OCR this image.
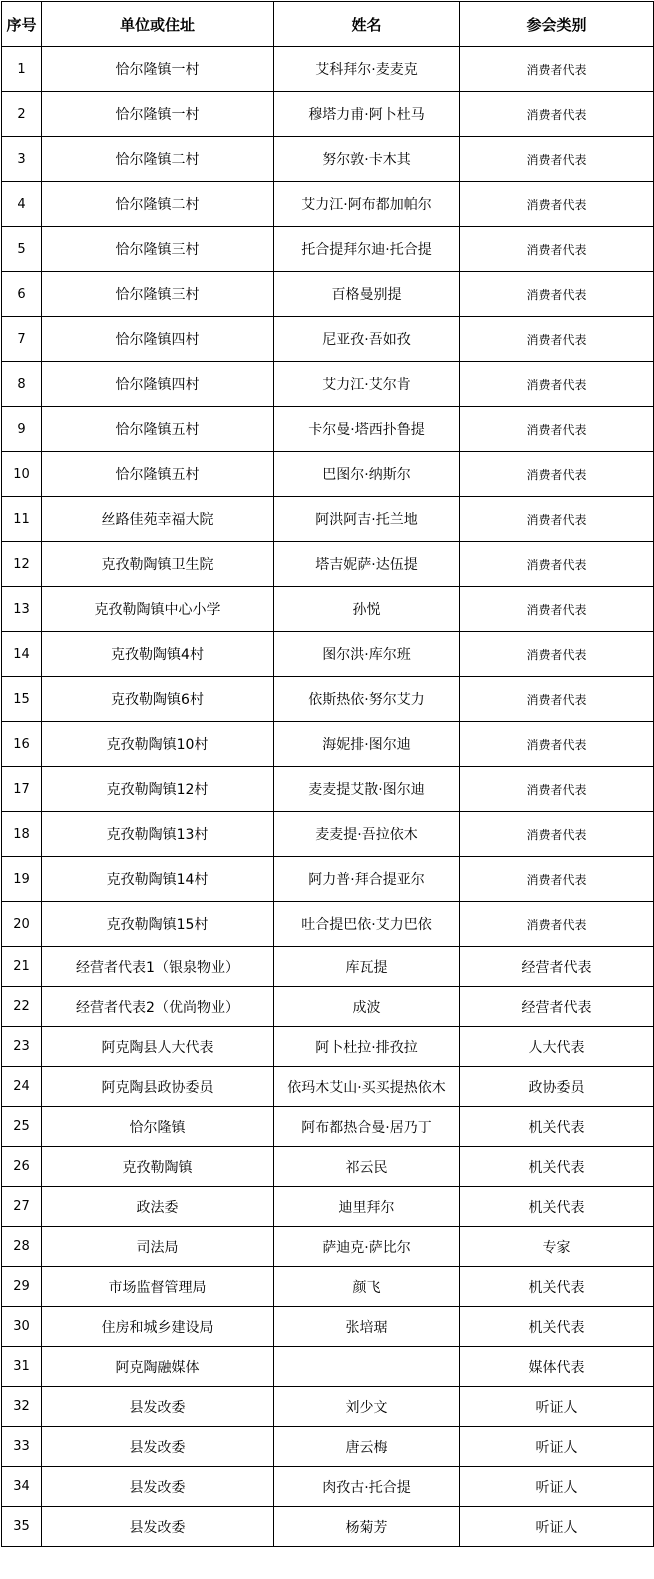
序号	单位或住址	姓名	参会类别
1	恰尔隆镇一村	艾科拜尔·麦麦克	消费者代表
2	恰尔隆镇一村	穆塔力甫·阿卜杜马	消费者代表
3	恰尔隆镇二村	努尔敦·卡木其	消费者代表
4	恰尔隆镇二村	艾力江·阿布都加帕尔	消费者代表
5	恰尔隆镇三村	托合提拜尔迪·托合提	消费者代表
6	恰尔隆镇三村	百格曼别提	消费者代表
7	恰尔隆镇四村	尼亚孜·吾如孜	消费者代表
8	恰尔隆镇四村	艾力江·艾尔肯	消费者代表
9	恰尔隆镇五村	卡尔曼·塔西扑鲁提	消费者代表
10	恰尔隆镇五村	巴图尔·纳斯尔	消费者代表
11	丝路佳苑幸福大院	阿洪阿吉·托兰地	消费者代表
12	克孜勒陶镇卫生院	塔吉妮萨·达伍提	消费者代表
13	克孜勒陶镇中心小学	孙悦	消费者代表
14	克孜勒陶镇4村	图尔洪·库尔班	消费者代表
15	克孜勒陶镇6村	依斯热依·努尔艾力	消费者代表
16	克孜勒陶镇10村	海妮排·图尔迪	消费者代表
17	克孜勒陶镇12村	麦麦提艾散·图尔迪	消费者代表
18	克孜勒陶镇13村	麦麦提·吾拉依木	消费者代表
19	克孜勒陶镇14村	阿力普·拜合提亚尔	消费者代表
20	克孜勒陶镇15村	吐合提巴依·艾力巴依	消费者代表
21	经营者代表1（银泉物业）	库瓦提	经营者代表
22	经营者代表2（优尚物业）	成波	经营者代表
23	阿克陶县人大代表	阿卜杜拉·排孜拉	人大代表
24	阿克陶县政协委员	依玛木艾山·买买提热依木	政协委员
25	恰尔隆镇	阿布都热合曼·居乃丁	机关代表
26	克孜勒陶镇	祁云民	机关代表
27	政法委	迪里拜尔	机关代表
28	司法局	萨迪克·萨比尔	专家
29	市场监督管理局	颜飞	机关代表
30	住房和城乡建设局	张培琚	机关代表
31	阿克陶融媒体		媒体代表
32	县发改委	刘少文	听证人
33	县发改委	唐云梅	听证人
34	县发改委	肉孜古·托合提	听证人
35	县发改委	杨菊芳	听证人
